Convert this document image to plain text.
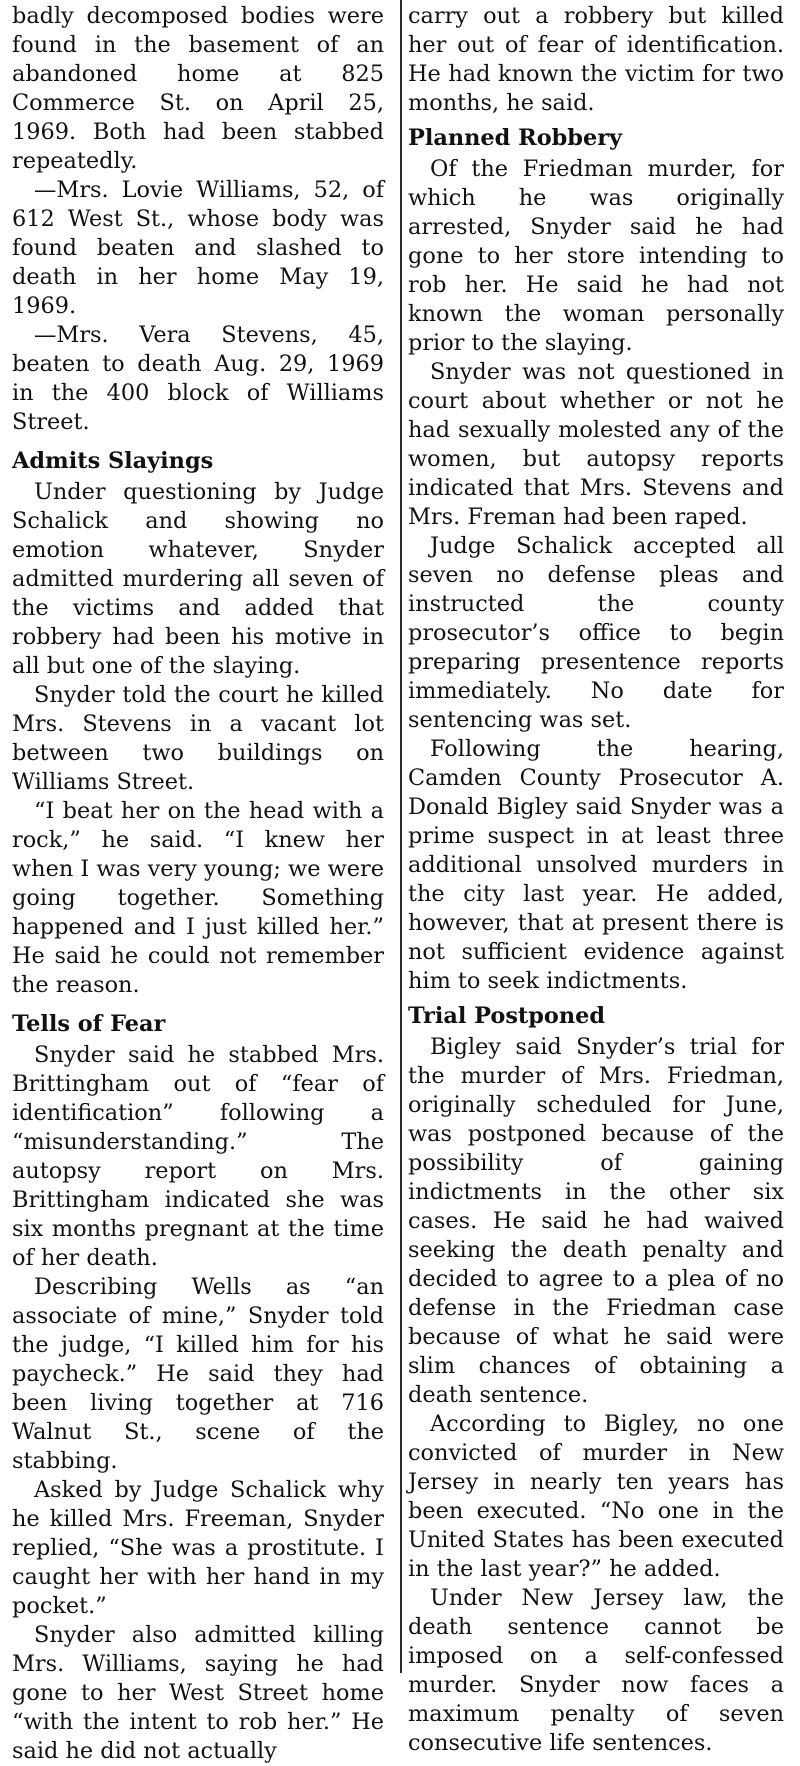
badly decomposed bodies were found in the basement of an abandoned home at 825 Commerce St. on April 25, 1969. Both had been stabbed repeatedly.

—Mrs. Lovie Williams, 52, of 612 West St., whose body was found beaten and slashed to death in her home May 19, 1969.

—Mrs. Vera Stevens, 45, beaten to death Aug. 29, 1969 in the 400 block of Williams Street.

Admits Slayings

Under questioning by Judge Schalick and showing no emotion whatever, Snyder admitted murdering all seven of the victims and added that robbery had been his motive in all but one of the slaying.

Snyder told the court he killed Mrs. Stevens in a vacant lot between two buildings on Williams Street.

“I beat her on the head with a rock,” he said. “I knew her when I was very young; we were going together. Something happened and I just killed her.” He said he could not remember the reason.

Tells of Fear

Snyder said he stabbed Mrs. Brittingham out of “fear of identification” following a “misunderstanding.” The autopsy report on Mrs. Brittingham indicated she was six months pregnant at the time of her death.

Describing Wells as “an associate of mine,” Snyder told the judge, “I killed him for his paycheck.” He said they had been living together at 716 Walnut St., scene of the stabbing.

Asked by Judge Schalick why he killed Mrs. Freeman, Snyder replied, “She was a prostitute. I caught her with her hand in my pocket.”

Snyder also admitted killing Mrs. Williams, saying he had gone to her West Street home “with the intent to rob her.” He said he did not actually

carry out a robbery but killed her out of fear of identification. He had known the victim for two months, he said.

Planned Robbery

Of the Friedman murder, for which he was originally arrested, Snyder said he had gone to her store intending to rob her. He said he had not known the woman personally prior to the slaying.

Snyder was not questioned in court about whether or not he had sexually molested any of the women, but autopsy reports indicated that Mrs. Stevens and Mrs. Freman had been raped.

Judge Schalick accepted all seven no defense pleas and instructed the county prosecutor’s office to begin preparing presentence reports immediately. No date for sentencing was set.

Following the hearing, Camden County Prosecutor A. Donald Bigley said Snyder was a prime suspect in at least three additional unsolved murders in the city last year. He added, however, that at present there is not sufficient evidence against him to seek indictments.

Trial Postponed

Bigley said Snyder’s trial for the murder of Mrs. Friedman, originally scheduled for June, was postponed because of the possibility of gaining indictments in the other six cases. He said he had waived seeking the death penalty and decided to agree to a plea of no defense in the Friedman case because of what he said were slim chances of obtaining a death sentence.

According to Bigley, no one convicted of murder in New Jersey in nearly ten years has been executed. “No one in the United States has been executed in the last year?” he added.

Under New Jersey law, the death sentence cannot be imposed on a self-confessed murder. Snyder now faces a maximum penalty of seven consecutive life sentences.
